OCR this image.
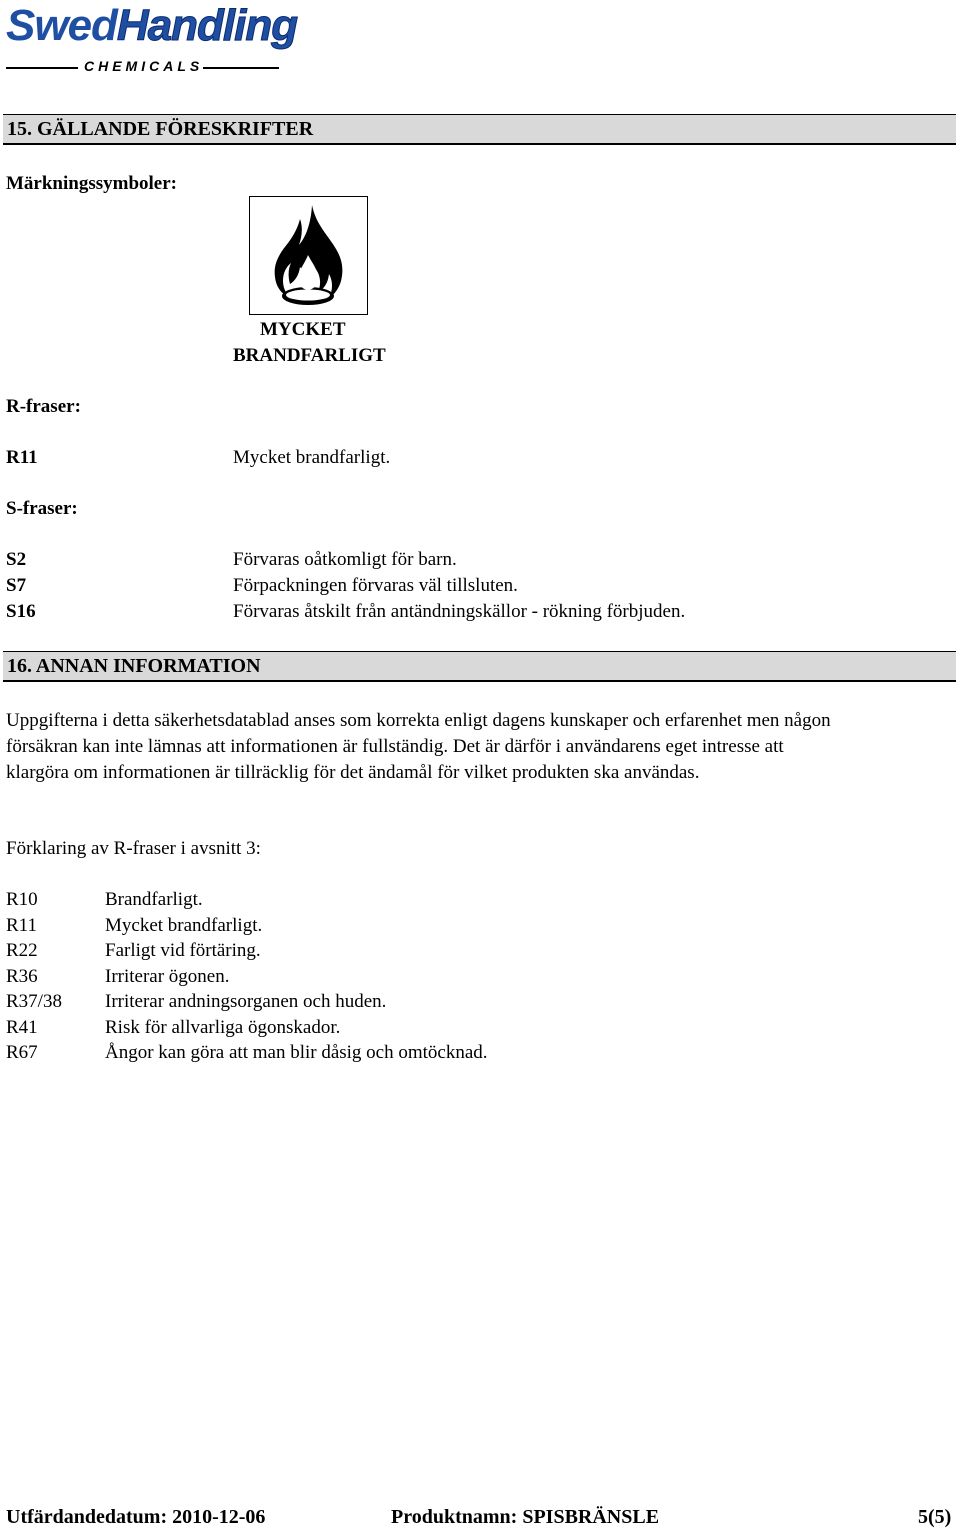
SwedHandling
CHEMICALS
15. GÄLLANDE FÖRESKRIFTER
Märkningssymboler:
MYCKET
BRANDFARLIGT
R-fraser:
R11	Mycket brandfarligt.
S-fraser:
S2	Förvaras oåtkomligt för barn.
S7	Förpackningen förvaras väl tillsluten.
S16	Förvaras åtskilt från antändningskällor - rökning förbjuden.
16. ANNAN INFORMATION
Uppgifterna i detta säkerhetsdatablad anses som korrekta enligt dagens kunskaper och erfarenhet men någon
försäkran kan inte lämnas att informationen är fullständig. Det är därför i användarens eget intresse att
klargöra om informationen är tillräcklig för det ändamål för vilket produkten ska användas.
Förklaring av R-fraser i avsnitt 3:
R10	Brandfarligt.
R11	Mycket brandfarligt.
R22	Farligt vid förtäring.
R36	Irriterar ögonen.
R37/38 Irriterar andningsorganen och huden.
R41	Risk för allvarliga ögonskador.
R67	Ångor kan göra att man blir dåsig och omtöcknad.
Utfärdandedatum: 2010-12-06	Produktnamn: SPISBRÄNSLE	5(5)
